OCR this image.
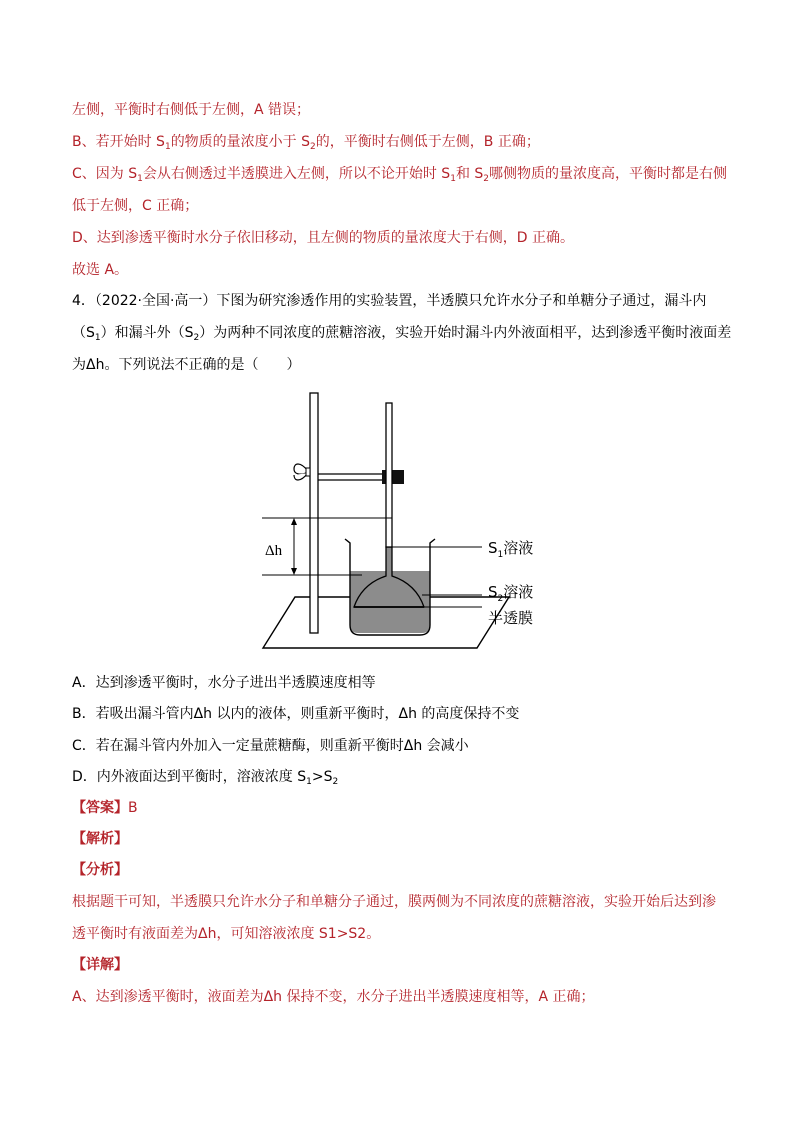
左侧，平衡时右侧低于左侧，A 错误；
B、若开始时 $S_1$的物质的量浓度小于 $S_2$的，平衡时右侧低于左侧，B 正确；
C、因为 $S_1$会从右侧透过半透膜进入左侧，所以不论开始时 $S_1$和 $S_2$哪侧物质的量浓度高，平衡时都是右侧
低于左侧，C 正确；
D、达到渗透平衡时水分子依旧移动，且左侧的物质的量浓度大于右侧，D 正确。
故选 A。
4．（2022·全国·高一）下图为研究渗透作用的实验装置，半透膜只允许水分子和单糖分子通过，漏斗内
$(S_1)$和漏斗外$(S_2)$为两种不同浓度的蔗糖溶液，实验开始时漏斗内外液面相平，达到渗透平衡时液面差
为Δh。下列说法不正确的是（　　）
Δh	$S_1$溶液
$S_2$溶液
半透膜
A．达到渗透平衡时，水分子进出半透膜速度相等
B．若吸出漏斗管内Δh 以内的液体，则重新平衡时，Δh 的高度保持不变
C．若在漏斗管内外加入一定量蔗糖酶，则重新平衡时Δh 会减小
D．内外液面达到平衡时，溶液浓度 $S_1>S_2$
【答案】B
【解析】
【分析】
根据题干可知，半透膜只允许水分子和单糖分子通过，膜两侧为不同浓度的蔗糖溶液，实验开始后达到渗
透平衡时有液面差为Δh，可知溶液浓度 S1>S2。
【详解】
A、达到渗透平衡时，液面差为Δh 保持不变，水分子进出半透膜速度相等，A 正确；
